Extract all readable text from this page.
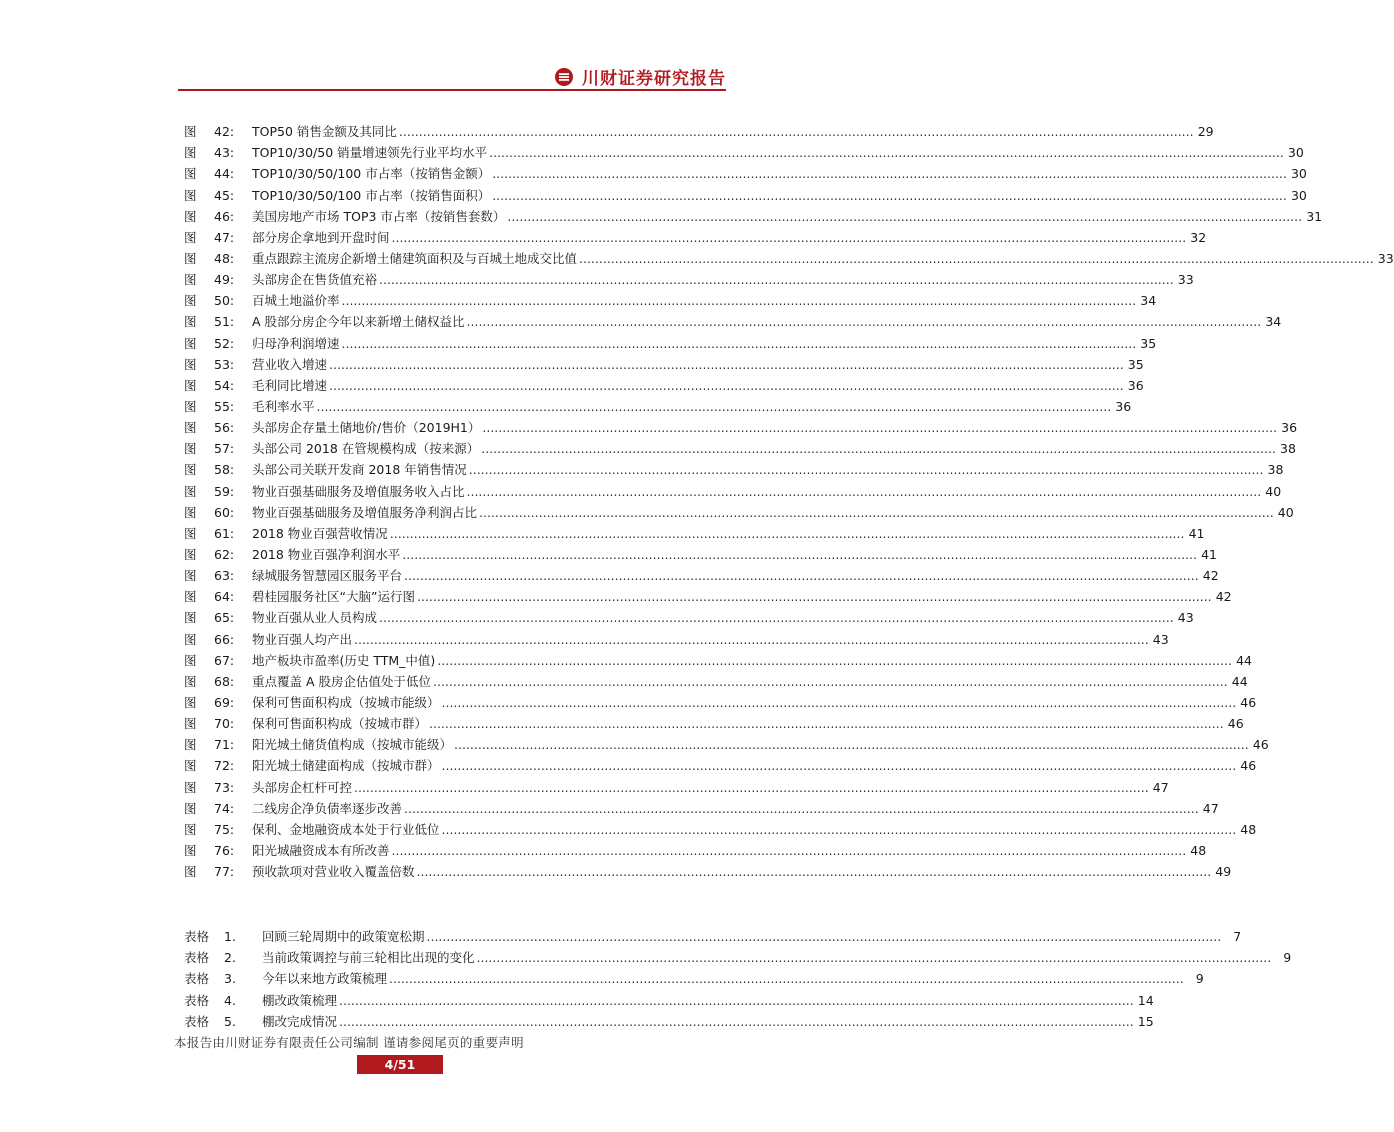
川财证券研究报告
图	42:	TOP50 销售金额及其同比 ........................................................................................................................................................................................................ 29
图	43:	TOP10/30/50 销量增速领先行业平均水平 ........................................................................................................................................................................................................ 30
图	44:	TOP10/30/50/100 市占率（按销售金额） ........................................................................................................................................................................................................ 30
图	45:	TOP10/30/50/100 市占率（按销售面积） ........................................................................................................................................................................................................ 30
图	46:	美国房地产市场 TOP3 市占率（按销售套数） ........................................................................................................................................................................................................ 31
图	47:	部分房企拿地到开盘时间 ........................................................................................................................................................................................................ 32
图	48:	重点跟踪主流房企新增土储建筑面积及与百城土地成交比值 ........................................................................................................................................................................................................ 33
图	49:	头部房企在售货值充裕 ........................................................................................................................................................................................................ 33
图	50:	百城土地溢价率 ........................................................................................................................................................................................................ 34
图	51:	A 股部分房企今年以来新增土储权益比 ........................................................................................................................................................................................................ 34
图	52:	归母净利润增速 ........................................................................................................................................................................................................ 35
图	53:	营业收入增速 ........................................................................................................................................................................................................ 35
图	54:	毛利同比增速 ........................................................................................................................................................................................................ 36
图	55:	毛利率水平 ........................................................................................................................................................................................................ 36
图	56:	头部房企存量土储地价/售价（2019H1） ........................................................................................................................................................................................................ 36
图	57:	头部公司 2018 在管规模构成（按来源） ........................................................................................................................................................................................................ 38
图	58:	头部公司关联开发商 2018 年销售情况 ........................................................................................................................................................................................................ 38
图	59:	物业百强基础服务及增值服务收入占比 ........................................................................................................................................................................................................ 40
图	60:	物业百强基础服务及增值服务净利润占比 ........................................................................................................................................................................................................ 40
图	61:	2018 物业百强营收情况 ........................................................................................................................................................................................................ 41
图	62:	2018 物业百强净利润水平 ........................................................................................................................................................................................................ 41
图	63:	绿城服务智慧园区服务平台 ........................................................................................................................................................................................................ 42
图	64:	碧桂园服务社区“大脑”运行图 ........................................................................................................................................................................................................ 42
图	65:	物业百强从业人员构成 ........................................................................................................................................................................................................ 43
图	66:	物业百强人均产出 ........................................................................................................................................................................................................ 43
图	67:	地产板块市盈率(历史 TTM_中值) ........................................................................................................................................................................................................ 44
图	68:	重点覆盖 A 股房企估值处于低位 ........................................................................................................................................................................................................ 44
图	69:	保利可售面积构成（按城市能级） ........................................................................................................................................................................................................ 46
图	70:	保利可售面积构成（按城市群） ........................................................................................................................................................................................................ 46
图	71:	阳光城土储货值构成（按城市能级） ........................................................................................................................................................................................................ 46
图	72:	阳光城土储建面构成（按城市群） ........................................................................................................................................................................................................ 46
图	73:	头部房企杠杆可控 ........................................................................................................................................................................................................ 47
图	74:	二线房企净负债率逐步改善 ........................................................................................................................................................................................................ 47
图	75:	保利、金地融资成本处于行业低位 ........................................................................................................................................................................................................ 48
图	76:	阳光城融资成本有所改善 ........................................................................................................................................................................................................ 48
图	77:	预收款项对营业收入覆盖倍数 ........................................................................................................................................................................................................ 49
表格	1.	回顾三轮周期中的政策宽松期 ........................................................................................................................................................................................................ 7
表格	2.	当前政策调控与前三轮相比出现的变化 ........................................................................................................................................................................................................ 9
表格	3.	今年以来地方政策梳理 ........................................................................................................................................................................................................ 9
表格	4.	棚改政策梳理 ........................................................................................................................................................................................................ 14
表格	5.	棚改完成情况 ........................................................................................................................................................................................................ 15
本报告由川财证券有限责任公司编制 谨请参阅尾页的重要声明
4/51
